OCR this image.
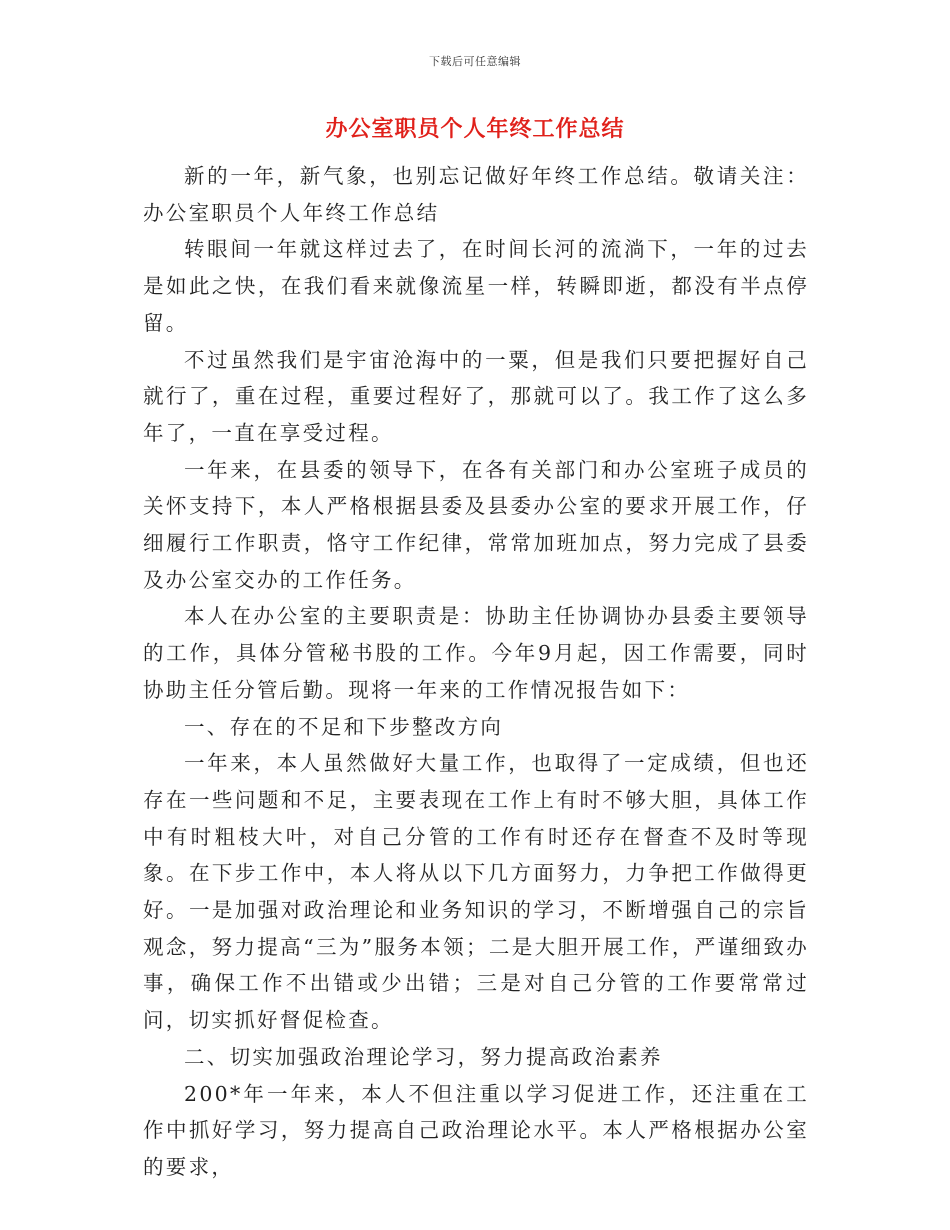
下载后可任意编辑
办公室职员个人年终工作总结

新的一年，新气象，也别忘记做好年终工作总结。敬请关注：办公室职员个人年终工作总结

转眼间一年就这样过去了，在时间长河的流淌下，一年的过去是如此之快，在我们看来就像流星一样，转瞬即逝，都没有半点停留。

不过虽然我们是宇宙沧海中的一粟，但是我们只要把握好自己就行了，重在过程，重要过程好了，那就可以了。我工作了这么多年了，一直在享受过程。

一年来，在县委的领导下，在各有关部门和办公室班子成员的关怀支持下，本人严格根据县委及县委办公室的要求开展工作，仔细履行工作职责，恪守工作纪律，常常加班加点，努力完成了县委及办公室交办的工作任务。

本人在办公室的主要职责是：协助主任协调协办县委主要领导的工作，具体分管秘书股的工作。今年9月起，因工作需要，同时协助主任分管后勤。现将一年来的工作情况报告如下：

一、存在的不足和下步整改方向

一年来，本人虽然做好大量工作，也取得了一定成绩，但也还存在一些问题和不足，主要表现在工作上有时不够大胆，具体工作中有时粗枝大叶，对自己分管的工作有时还存在督查不及时等现象。在下步工作中，本人将从以下几方面努力，力争把工作做得更好。一是加强对政治理论和业务知识的学习，不断增强自己的宗旨观念，努力提高“三为”服务本领；二是大胆开展工作，严谨细致办事，确保工作不出错或少出错；三是对自己分管的工作要常常过问，切实抓好督促检查。

二、切实加强政治理论学习，努力提高政治素养

200*年一年来，本人不但注重以学习促进工作，还注重在工作中抓好学习，努力提高自己政治理论水平。本人严格根据办公室的要求，
